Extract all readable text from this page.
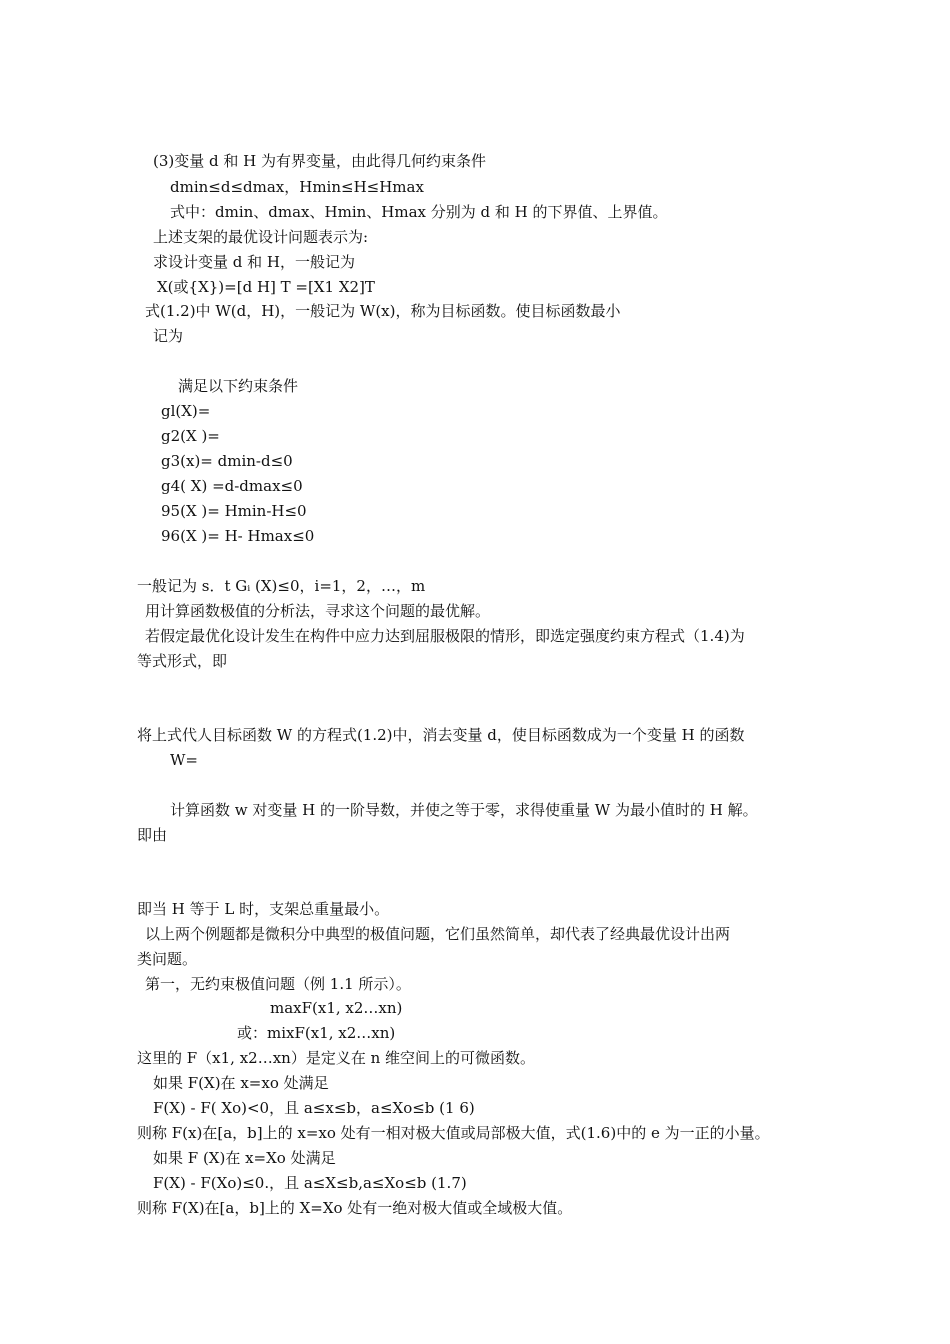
(3)变量 d 和 H 为有界变量，由此得几何约束条件
dmin≤d≤dmax，Hmin≤H≤Hmax
式中：dmin、dmax、Hmin、Hmax 分别为 d 和 H 的下界值、上界值。
上述支架的最优设计问题表示为:
求设计变量 d 和 H，一般记为
X(或{X})=[d H] T =[X1 X2]T
式(1.2)中 W(d，H)，一般记为 W(x)，称为目标函数。使目标函数最小
记为
满足以下约束条件
gl(X)=
g2(X )=
g3(x)= dmin-d≤0
g4( X) =d-dmax≤0
95(X )= Hmin-H≤0
96(X )= H- Hmax≤0
一般记为 s．t Gᵢ (X)≤0，i=1，2，…，m
用计算函数极值的分析法，寻求这个问题的最优解。
若假定最优化设计发生在构件中应力达到屈服极限的情形，即选定强度约束方程式（1.4)为
等式形式，即
将上式代人目标函数 W 的方程式(1.2)中，消去变量 d，使目标函数成为一个变量 H 的函数
W=
计算函数 w 对变量 H 的一阶导数，并使之等于零，求得使重量 W 为最小值时的 H 解。
即由
即当 H 等于 L 时，支架总重量最小。
以上两个例题都是微积分中典型的极值问题，它们虽然简单，却代表了经典最优设计出两
类问题。
第一，无约束极值问题（例 1.1 所示）。
maxF(x1, x2…xn)
或：mixF(x1, x2…xn)
这里的 F（x1, x2…xn）是定义在 n 维空间上的可微函数。
如果 F(X)在 x=xo 处满足
F(X) - F( Xo)<0，且 a≤x≤b，a≤Xo≤b (1 6)
则称 F(x)在[a，b]上的 x=xo 处有一相对极大值或局部极大值，式(1.6)中的 e 为一正的小量。
如果 F (X)在 x=Xo 处满足
F(X) - F(Xo)≤0.，且 a≤X≤b,a≤Xo≤b (1.7)
则称 F(X)在[a，b]上的 X=Xo 处有一绝对极大值或全域极大值。
